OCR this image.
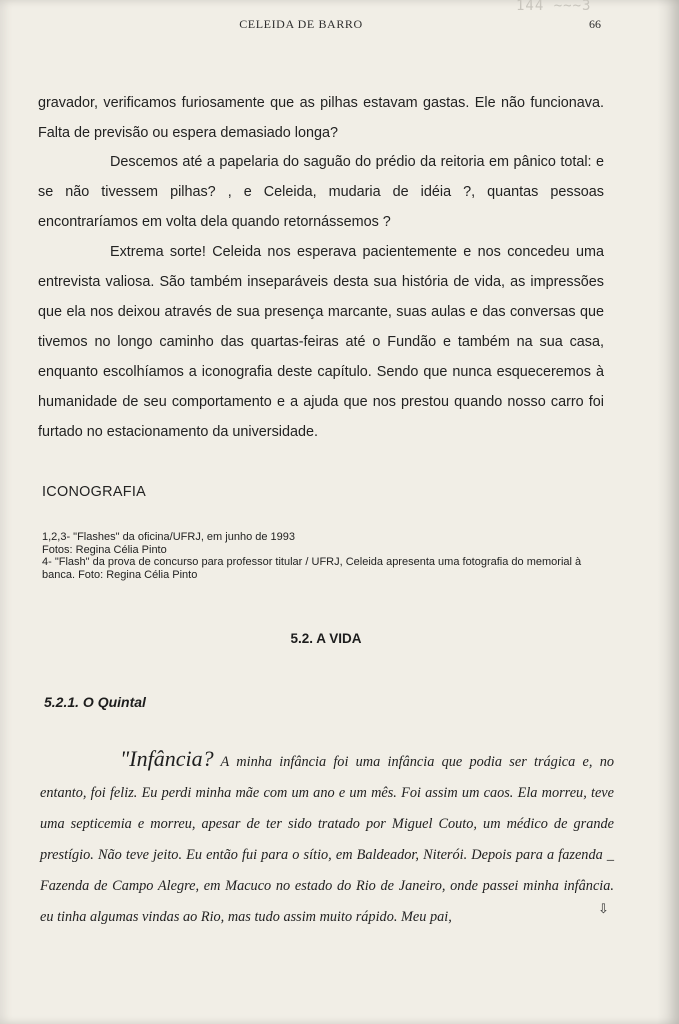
144 ~~~3
CELEIDA DE BARRO	66

gravador, verificamos furiosamente que as pilhas estavam gastas. Ele não funcionava. Falta de previsão ou espera demasiado longa?

Descemos até a papelaria do saguão do prédio da reitoria em pânico total: e se não tivessem pilhas? , e Celeida, mudaria de idéia ?, quantas pessoas encontraríamos em volta dela quando retornássemos ?

Extrema sorte! Celeida nos esperava pacientemente e nos concedeu uma entrevista valiosa. São também inseparáveis desta sua história de vida, as impressões que ela nos deixou através de sua presença marcante, suas aulas e das conversas que tivemos no longo caminho das quartas-feiras até o Fundão e também na sua casa, enquanto escolhíamos a iconografia deste capítulo. Sendo que nunca esqueceremos à humanidade de seu comportamento e a ajuda que nos prestou quando nosso carro foi furtado no estacionamento da universidade.

ICONOGRAFIA
1,2,3- "Flashes" da oficina/UFRJ, em junho de 1993
Fotos: Regina Célia Pinto
4- "Flash" da prova de concurso para professor titular / UFRJ, Celeida apresenta uma fotografia do memorial à banca. Foto: Regina Célia Pinto
5.2. A VIDA
5.2.1. O Quintal
"Infância? A minha infância foi uma infância que podia ser trágica e, no entanto, foi feliz. Eu perdi minha mãe com um ano e um mês. Foi assim um caos. Ela morreu, teve uma septicemia e morreu, apesar de ter sido tratado por Miguel Couto, um médico de grande prestígio. Não teve jeito. Eu então fui para o sítio, em Baldeador, Niterói. Depois para a fazenda _ Fazenda de Campo Alegre, em Macuco no estado do Rio de Janeiro, onde passei minha infância. eu tinha algumas vindas ao Rio, mas tudo assim muito rápido. Meu pai,
⇩
